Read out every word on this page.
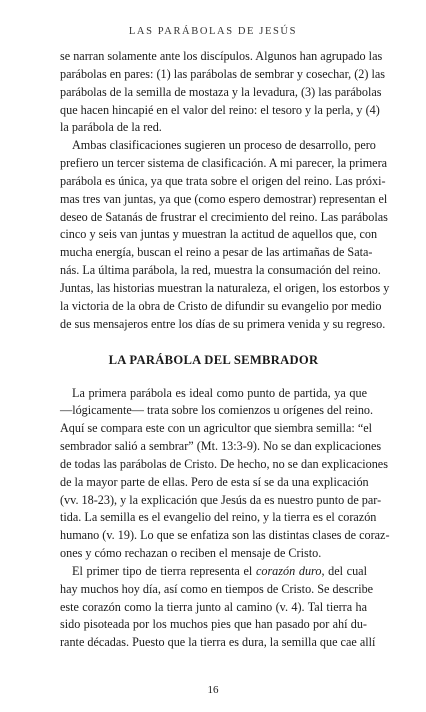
LAS PARÁBOLAS DE JESÚS
se narran solamente ante los discípulos. Algunos han agrupado las
parábolas en pares: (1) las parábolas de sembrar y cosechar, (2) las
parábolas de la semilla de mostaza y la levadura, (3) las parábolas
que hacen hincapié en el valor del reino: el tesoro y la perla, y (4)
la parábola de la red.
Ambas clasificaciones sugieren un proceso de desarrollo, pero
prefiero un tercer sistema de clasificación. A mi parecer, la primera
parábola es única, ya que trata sobre el origen del reino. Las próxi-
mas tres van juntas, ya que (como espero demostrar) representan el
deseo de Satanás de frustrar el crecimiento del reino. Las parábolas
cinco y seis van juntas y muestran la actitud de aquellos que, con
mucha energía, buscan el reino a pesar de las artimañas de Sata-
nás. La última parábola, la red, muestra la consumación del reino.
Juntas, las historias muestran la naturaleza, el origen, los estorbos y
la victoria de la obra de Cristo de difundir su evangelio por medio
de sus mensajeros entre los días de su primera venida y su regreso.
LA PARÁBOLA DEL SEMBRADOR
La primera parábola es ideal como punto de partida, ya que
—lógicamente— trata sobre los comienzos u orígenes del reino.
Aquí se compara este con un agricultor que siembra semilla: “el
sembrador salió a sembrar” (Mt. 13:3-9). No se dan explicaciones
de todas las parábolas de Cristo. De hecho, no se dan explicaciones
de la mayor parte de ellas. Pero de esta sí se da una explicación
(vv. 18-23), y la explicación que Jesús da es nuestro punto de par-
tida. La semilla es el evangelio del reino, y la tierra es el corazón
humano (v. 19). Lo que se enfatiza son las distintas clases de coraz-
ones y cómo rechazan o reciben el mensaje de Cristo.
El primer tipo de tierra representa el corazón duro, del cual
hay muchos hoy día, así como en tiempos de Cristo. Se describe
este corazón como la tierra junto al camino (v. 4). Tal tierra ha
sido pisoteada por los muchos pies que han pasado por ahí du-
rante décadas. Puesto que la tierra es dura, la semilla que cae allí
16
